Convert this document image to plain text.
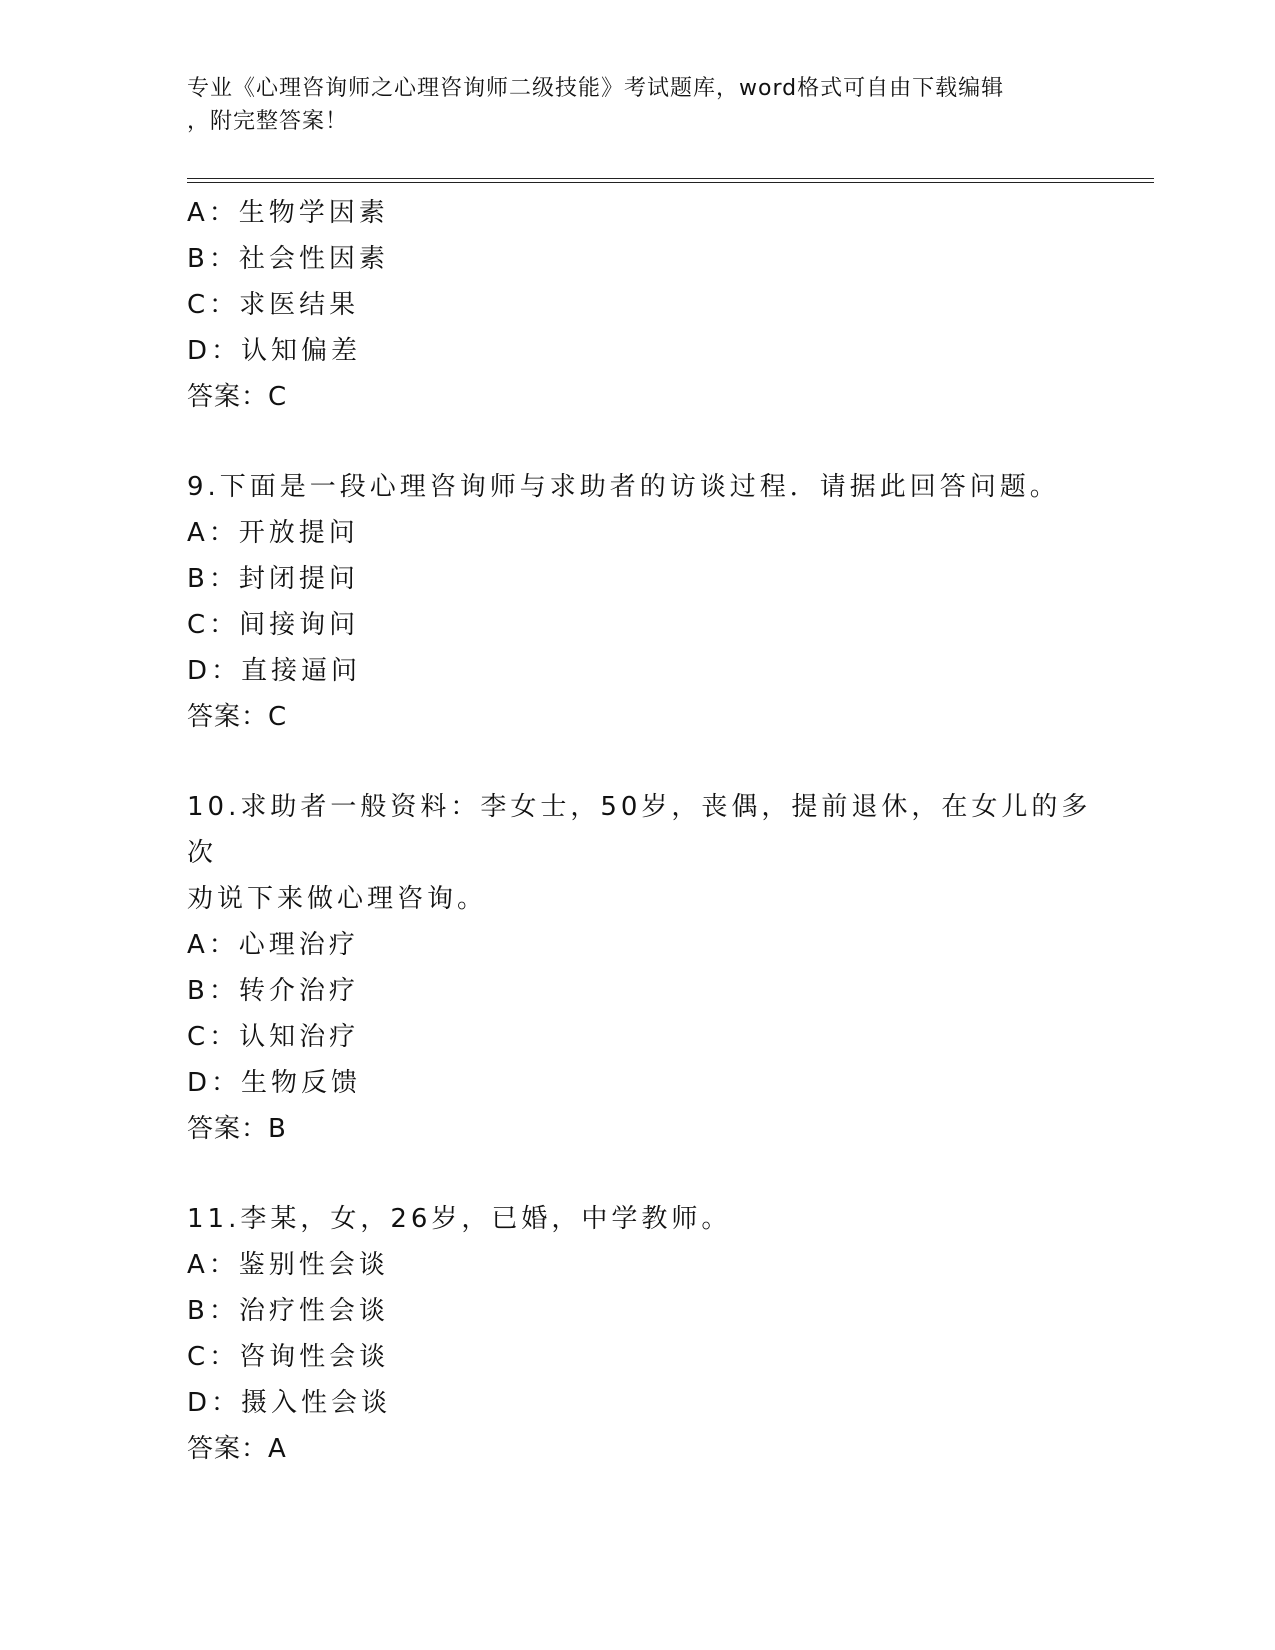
专业《心理咨询师之心理咨询师二级技能》考试题库，word格式可自由下载编辑
，附完整答案！
A：生物学因素
B：社会性因素
C：求医结果
D：认知偏差
答案：C
9.下面是一段心理咨询师与求助者的访谈过程．请据此回答问题。
A：开放提问
B：封闭提问
C：间接询问
D：直接逼问
答案：C
10.求助者一般资料：李女士，50岁，丧偶，提前退休，在女儿的多次
劝说下来做心理咨询。
A：心理治疗
B：转介治疗
C：认知治疗
D：生物反馈
答案：B
11.李某，女，26岁，已婚，中学教师。
A：鉴别性会谈
B：治疗性会谈
C：咨询性会谈
D：摄入性会谈
答案：A
